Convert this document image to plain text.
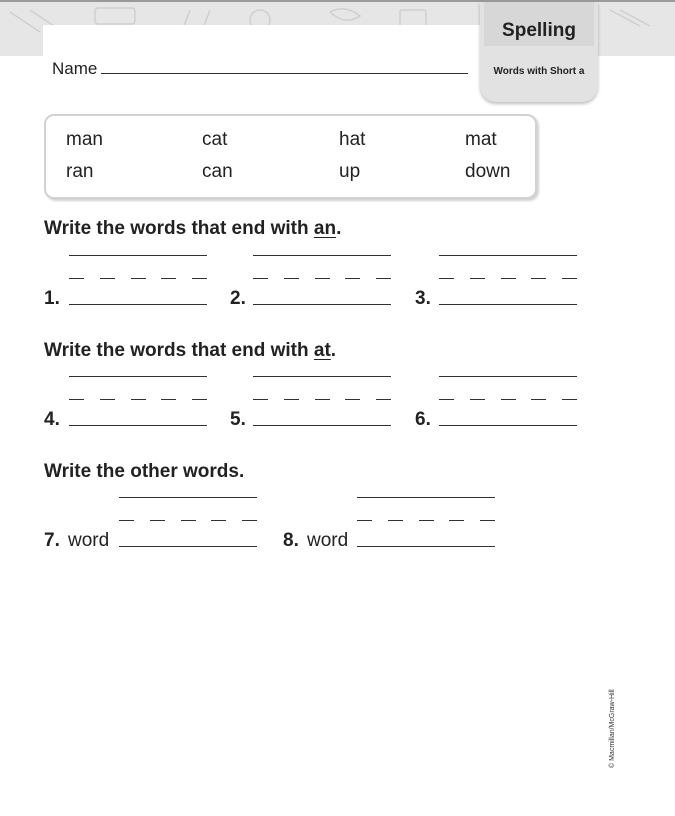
Name
Spelling
Words with Short a
man	cat	hat	mat
ran	can	up	down
Write the words that end with an.
1.	2.	3.
Write the words that end with at.
4.	5.	6.
Write the other words.
7. word	8. word
© Macmillan/McGraw-Hill
